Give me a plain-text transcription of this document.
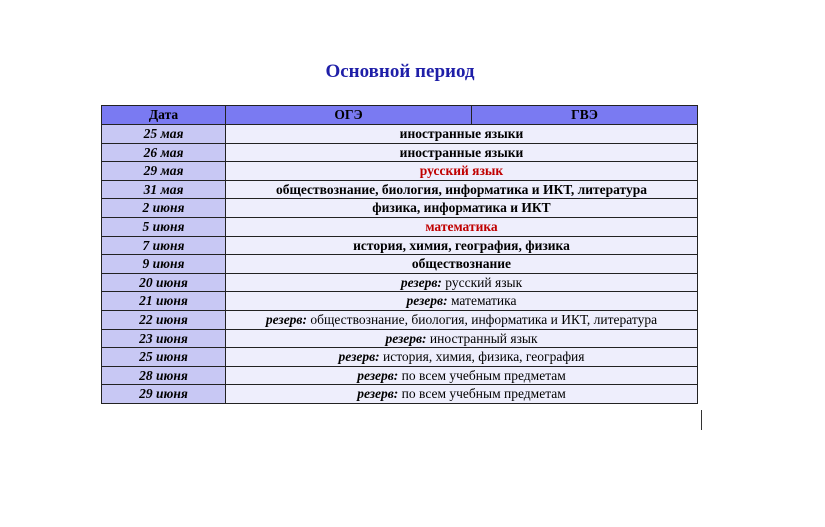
Основной период
Дата	ОГЭ	ГВЭ
25 мая	иностранные языки	
26 мая	иностранные языки	
29 мая	русский язык	
31 мая	обществознание, биология, информатика и ИКТ, литература	
2 июня	физика, информатика и ИКТ	
5 июня	математика	
7 июня	история, химия, география, физика	
9 июня	обществознание	
20 июня	резерв: русский язык	
21 июня	резерв: математика	
22 июня	резерв: обществознание, биология, информатика и ИКТ, литература	
23 июня	резерв: иностранный язык	
25 июня	резерв: история, химия, физика, география	
28 июня	резерв: по всем учебным предметам	
29 июня	резерв: по всем учебным предметам	
